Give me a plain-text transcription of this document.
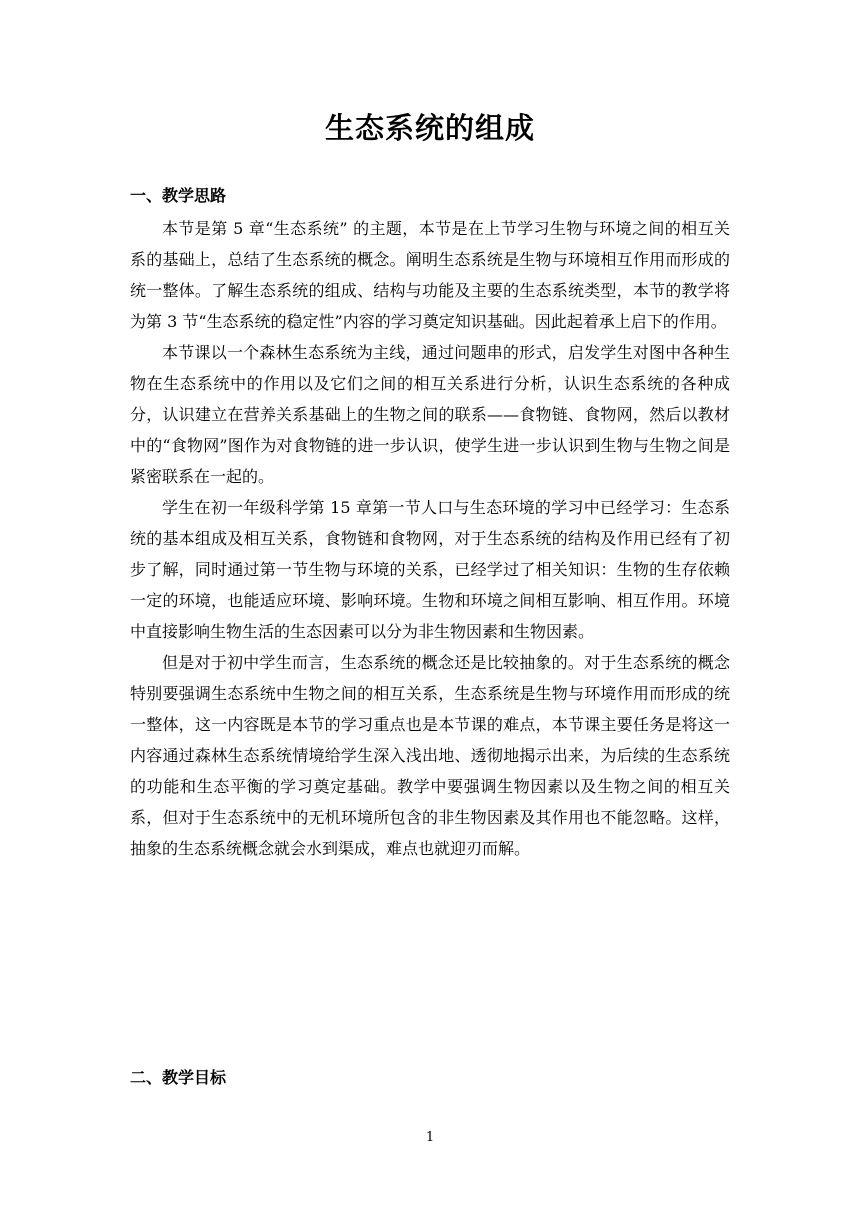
生态系统的组成
一、教学思路

本节是第 5 章“生态系统” 的主题，本节是在上节学习生物与环境之间的相互关系的基础上，总结了生态系统的概念。阐明生态系统是生物与环境相互作用而形成的统一整体。了解生态系统的组成、结构与功能及主要的生态系统类型，本节的教学将为第 3 节“生态系统的稳定性”内容的学习奠定知识基础。因此起着承上启下的作用。

本节课以一个森林生态系统为主线，通过问题串的形式，启发学生对图中各种生物在生态系统中的作用以及它们之间的相互关系进行分析，认识生态系统的各种成分，认识建立在营养关系基础上的生物之间的联系——食物链、食物网，然后以教材中的“食物网”图作为对食物链的进一步认识，使学生进一步认识到生物与生物之间是紧密联系在一起的。

学生在初一年级科学第 15 章第一节人口与生态环境的学习中已经学习：生态系统的基本组成及相互关系，食物链和食物网，对于生态系统的结构及作用已经有了初步了解，同时通过第一节生物与环境的关系，已经学过了相关知识：生物的生存依赖一定的环境，也能适应环境、影响环境。生物和环境之间相互影响、相互作用。环境中直接影响生物生活的生态因素可以分为非生物因素和生物因素。

但是对于初中学生而言，生态系统的概念还是比较抽象的。对于生态系统的概念特别要强调生态系统中生物之间的相互关系，生态系统是生物与环境作用而形成的统一整体，这一内容既是本节的学习重点也是本节课的难点，本节课主要任务是将这一内容通过森林生态系统情境给学生深入浅出地、透彻地揭示出来，为后续的生态系统的功能和生态平衡的学习奠定基础。教学中要强调生物因素以及生物之间的相互关系，但对于生态系统中的无机环境所包含的非生物因素及其作用也不能忽略。这样，抽象的生态系统概念就会水到渠成，难点也就迎刃而解。

二、教学目标
1
